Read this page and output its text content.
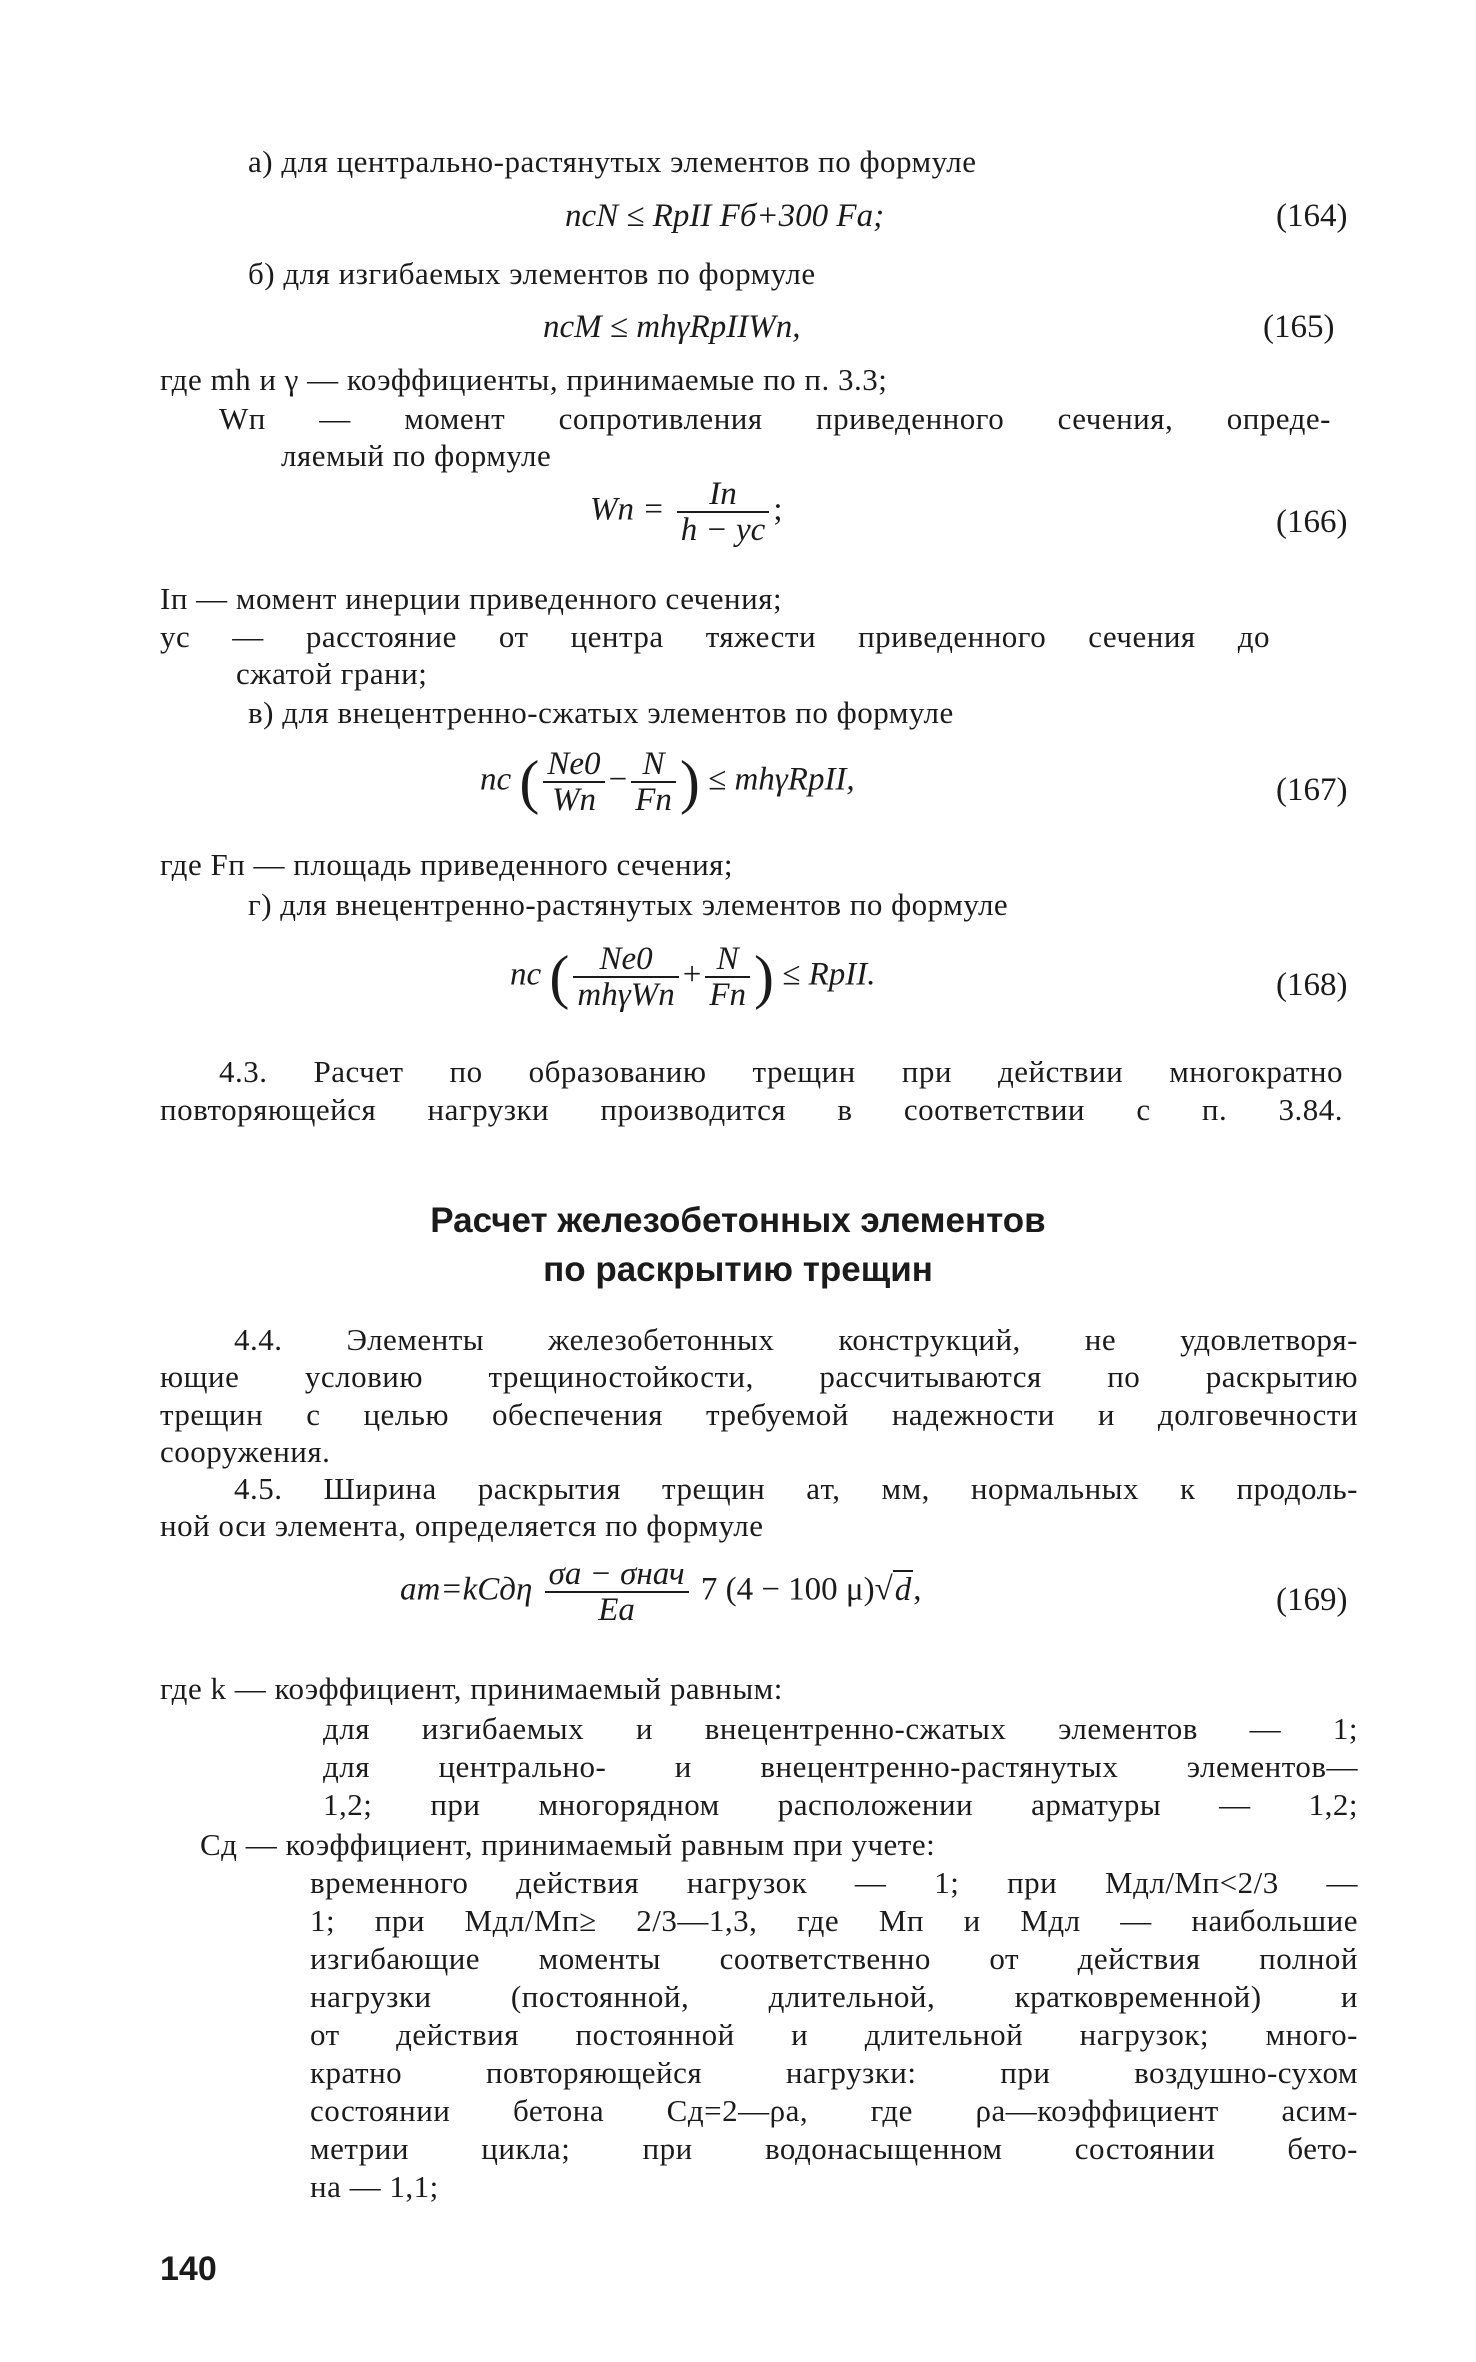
а) для центрально-растянутых элементов по формуле
ncN ≤ RpII Fб+300 Fа;	(164)
б) для изгибаемых элементов по формуле
ncM ≤ mhγRpIIWп,	(165)
где mh и γ — коэффициенты, принимаемые по п. 3.3;
Wп — момент сопротивления приведенного сечения, опреде-
ляемый по формуле
Wп = $\frac{Iп}{h - yс}$ ;	(166)
Iп — момент инерции приведенного сечения;
yс — расстояние от центра тяжести приведенного сечения до
сжатой грани;
в) для внецентренно-сжатых элементов по формуле
nс ( $\frac{Ne0}{Wп} - \frac{N}{Fп}$ ) ≤ mhγRpII,	(167)
где Fп — площадь приведенного сечения;
г) для внецентренно-растянутых элементов по формуле
nс ( $\frac{Ne0}{\text{mhγWп}} + \frac{N}{Fп}$ ) ≤ RpII.	(168)
4.3. Расчет по образованию трещин при действии многократно
повторяющейся нагрузки производится в соответствии с п. 3.84.
Расчет железобетонных элементов
по раскрытию трещин
4.4. Элементы железобетонных конструкций, не удовлетворя-
ющие условию трещиностойкости, рассчитываются по раскрытию
трещин с целью обеспечения требуемой надежности и долговечности
сооружения.
4.5. Ширина раскрытия трещин aт, мм, нормальных к продоль-
ной оси элемента, определяется по формуле
$aт=kCд\eta \frac{\text{σа − σнач}}{Eа} 7$ (4 − 100 μ)√d,	(169)
где k — коэффициент, принимаемый равным:
для изгибаемых и внецентренно-сжатых элементов — 1;
для центрально- и внецентренно-растянутых элементов—
1,2; при многорядном расположении арматуры — 1,2;
Cд — коэффициент, принимаемый равным при учете:
временного действия нагрузок — 1; при Mдл/Mп<2/3 —
1; при Mдл/Mп≥ 2/3—1,3, где Mп и Mдл — наибольшие
изгибающие моменты соответственно от действия полной
нагрузки (постоянной, длительной, кратковременной) и
от действия постоянной и длительной нагрузок; много-
кратно повторяющейся нагрузки: при воздушно-сухом
состоянии бетона Cд=2—ρа, где ρа—коэффициент асим-
метрии цикла; при водонасыщенном состоянии бето-
на — 1,1;
140
